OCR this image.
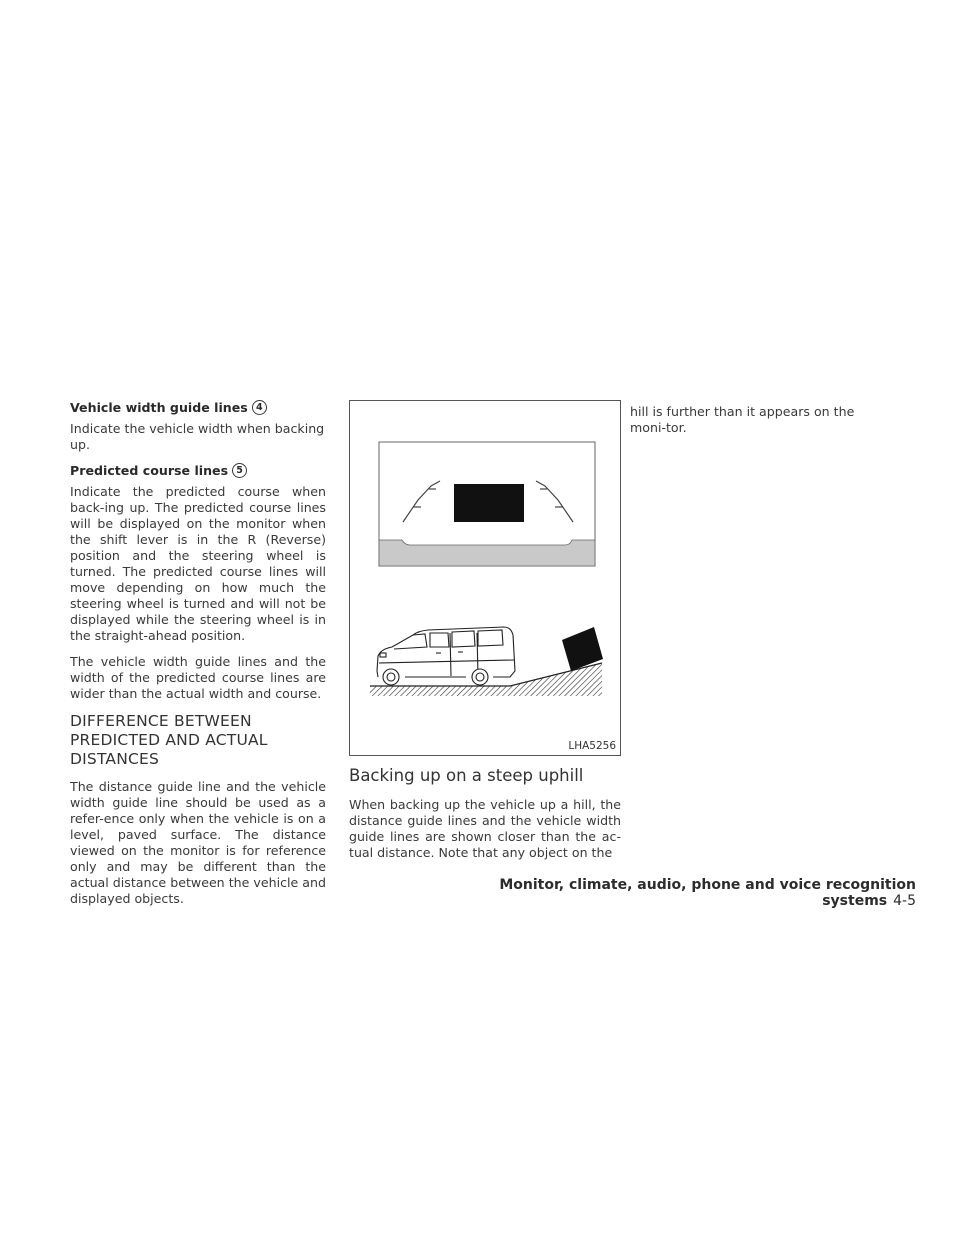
Vehicle width guide lines 4

Indicate the vehicle width when backing up.

Predicted course lines 5

Indicate the predicted course when back-ing up. The predicted course lines will be displayed on the monitor when the shift lever is in the R (Reverse) position and the steering wheel is turned. The predicted course lines will move depending on how much the steering wheel is turned and will not be displayed while the steering wheel is in the straight-ahead position.

The vehicle width guide lines and the width of the predicted course lines are wider than the actual width and course.

DIFFERENCE BETWEEN PREDICTED AND ACTUAL DISTANCES

The distance guide line and the vehicle width guide line should be used as a refer-ence only when the vehicle is on a level, paved surface. The distance viewed on the monitor is for reference only and may be different than the actual distance between the vehicle and displayed objects.

LHA5256
Backing up on a steep uphill

When backing up the vehicle up a hill, the distance guide lines and the vehicle width guide lines are shown closer than the ac-tual distance. Note that any object on the

hill is further than it appears on the moni-tor.

Monitor, climate, audio, phone and voice recognition systems 4-5
